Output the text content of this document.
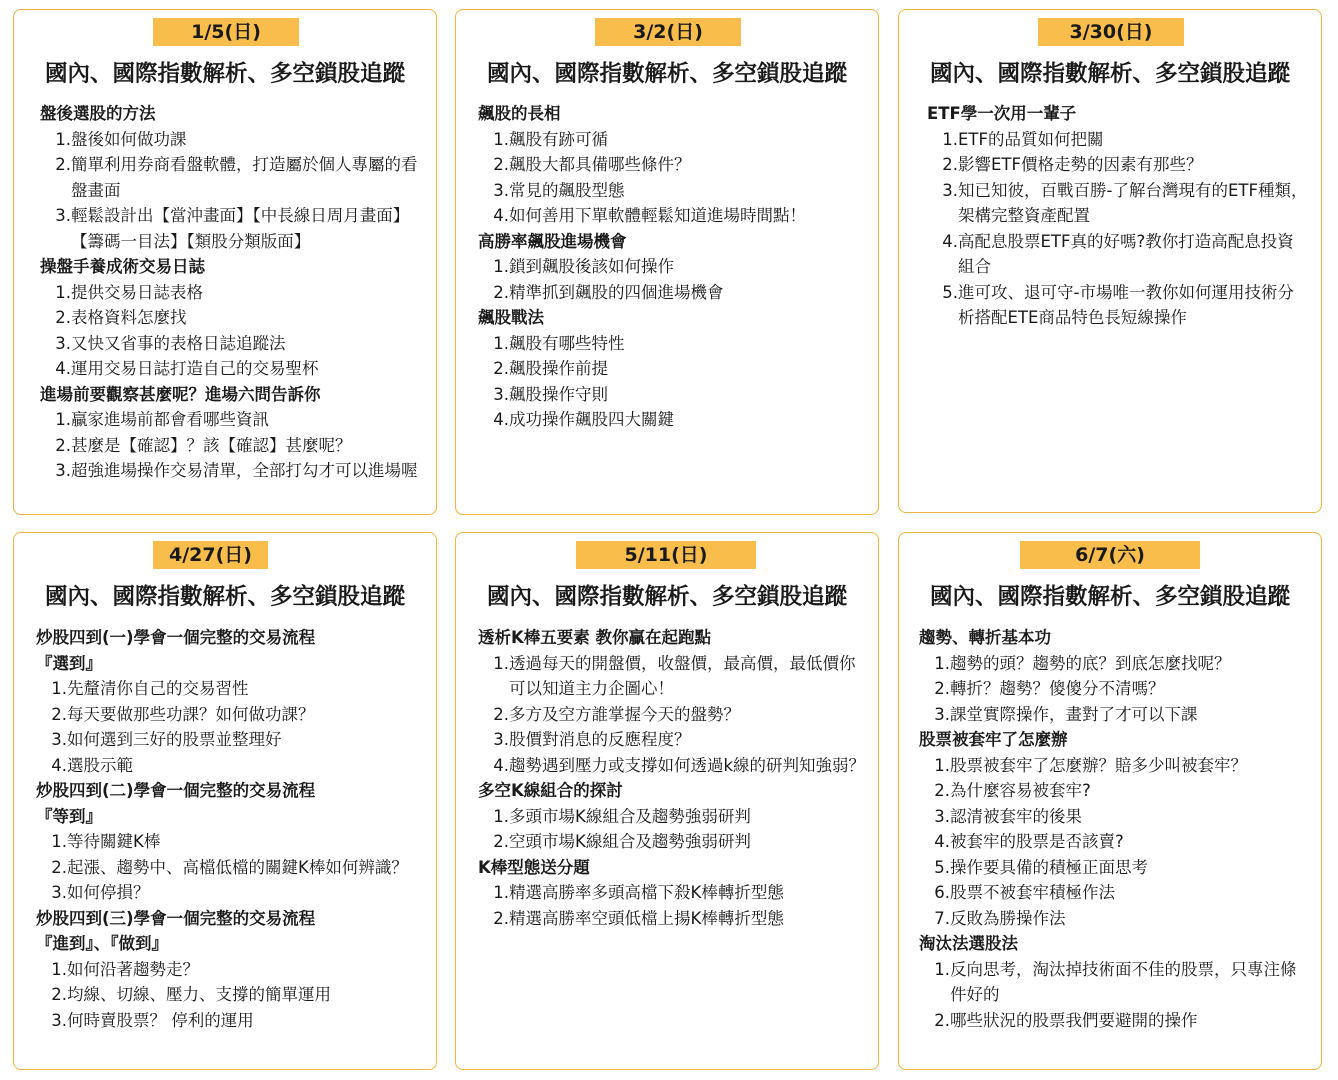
1/5(日)
國內、國際指數解析、多空鎖股追蹤
盤後選股的方法
1. 盤後如何做功課
2. 簡單利用券商看盤軟體，打造屬於個人專屬的看盤畫面
3. 輕鬆設計出【當沖畫面】【中長線日周月畫面】【籌碼一目法】【類股分類版面】
操盤手養成術交易日誌
1. 提供交易日誌表格
2. 表格資料怎麼找
3. 又快又省事的表格日誌追蹤法
4. 運用交易日誌打造自己的交易聖杯
進場前要觀察甚麼呢？進場六問告訴你
1. 贏家進場前都會看哪些資訊
2. 甚麼是【確認】？該【確認】甚麼呢？
3. 超強進場操作交易清單，全部打勾才可以進場喔
3/2(日)
國內、國際指數解析、多空鎖股追蹤
飆股的長相
1. 飆股有跡可循
2. 飆股大都具備哪些條件？
3. 常見的飆股型態
4. 如何善用下單軟體輕鬆知道進場時間點！
高勝率飆股進場機會
1. 鎖到飆股後該如何操作
2. 精準抓到飆股的四個進場機會
飆股戰法
1. 飆股有哪些特性
2. 飆股操作前提
3. 飆股操作守則
4. 成功操作飆股四大關鍵
3/30(日)
國內、國際指數解析、多空鎖股追蹤
ETF學一次用一輩子
1. ETF的品質如何把關
2. 影響ETF價格走勢的因素有那些？
3. 知已知彼，百戰百勝-了解台灣現有的ETF種類，架構完整資產配置
4. 高配息股票ETF真的好嗎?教你打造高配息投資組合
5. 進可攻、退可守-市場唯一教你如何運用技術分析搭配ETE商品特色長短線操作
4/27(日)
國內、國際指數解析、多空鎖股追蹤
炒股四到(一)學會一個完整的交易流程
『選到』
1. 先釐清你自己的交易習性
2. 每天要做那些功課？如何做功課？
3. 如何選到三好的股票並整理好
4. 選股示範
炒股四到(二)學會一個完整的交易流程
『等到』
1. 等待關鍵K棒
2. 起漲、趨勢中、高檔低檔的關鍵K棒如何辨識？
3. 如何停損？
炒股四到(三)學會一個完整的交易流程
『進到』、『做到』
1. 如何沿著趨勢走？
2. 均線、切線、壓力、支撐的簡單運用
3. 何時賣股票？ 停利的運用
5/11(日)
國內、國際指數解析、多空鎖股追蹤
透析K棒五要素 教你贏在起跑點
1. 透過每天的開盤價，收盤價，最高價，最低價你可以知道主力企圖心！
2. 多方及空方誰掌握今天的盤勢？
3. 股價對消息的反應程度？
4. 趨勢遇到壓力或支撐如何透過k線的研判知強弱？
多空K線組合的探討
1. 多頭市場K線組合及趨勢強弱研判
2. 空頭市場K線組合及趨勢強弱研判
K棒型態送分題
1. 精選高勝率多頭高檔下殺K棒轉折型態
2. 精選高勝率空頭低檔上揚K棒轉折型態
6/7(六)
國內、國際指數解析、多空鎖股追蹤
趨勢、轉折基本功
1. 趨勢的頭？趨勢的底？到底怎麼找呢？
2. 轉折？趨勢？傻傻分不清嗎？
3. 課堂實際操作，畫對了才可以下課
股票被套牢了怎麼辦
1. 股票被套牢了怎麼辦？賠多少叫被套牢？
2. 為什麼容易被套牢?
3. 認清被套牢的後果
4. 被套牢的股票是否該賣?
5. 操作要具備的積極正面思考
6. 股票不被套牢積極作法
7. 反敗為勝操作法
淘汰法選股法
1. 反向思考，淘汰掉技術面不佳的股票，只專注條件好的
2. 哪些狀況的股票我們要避開的操作
